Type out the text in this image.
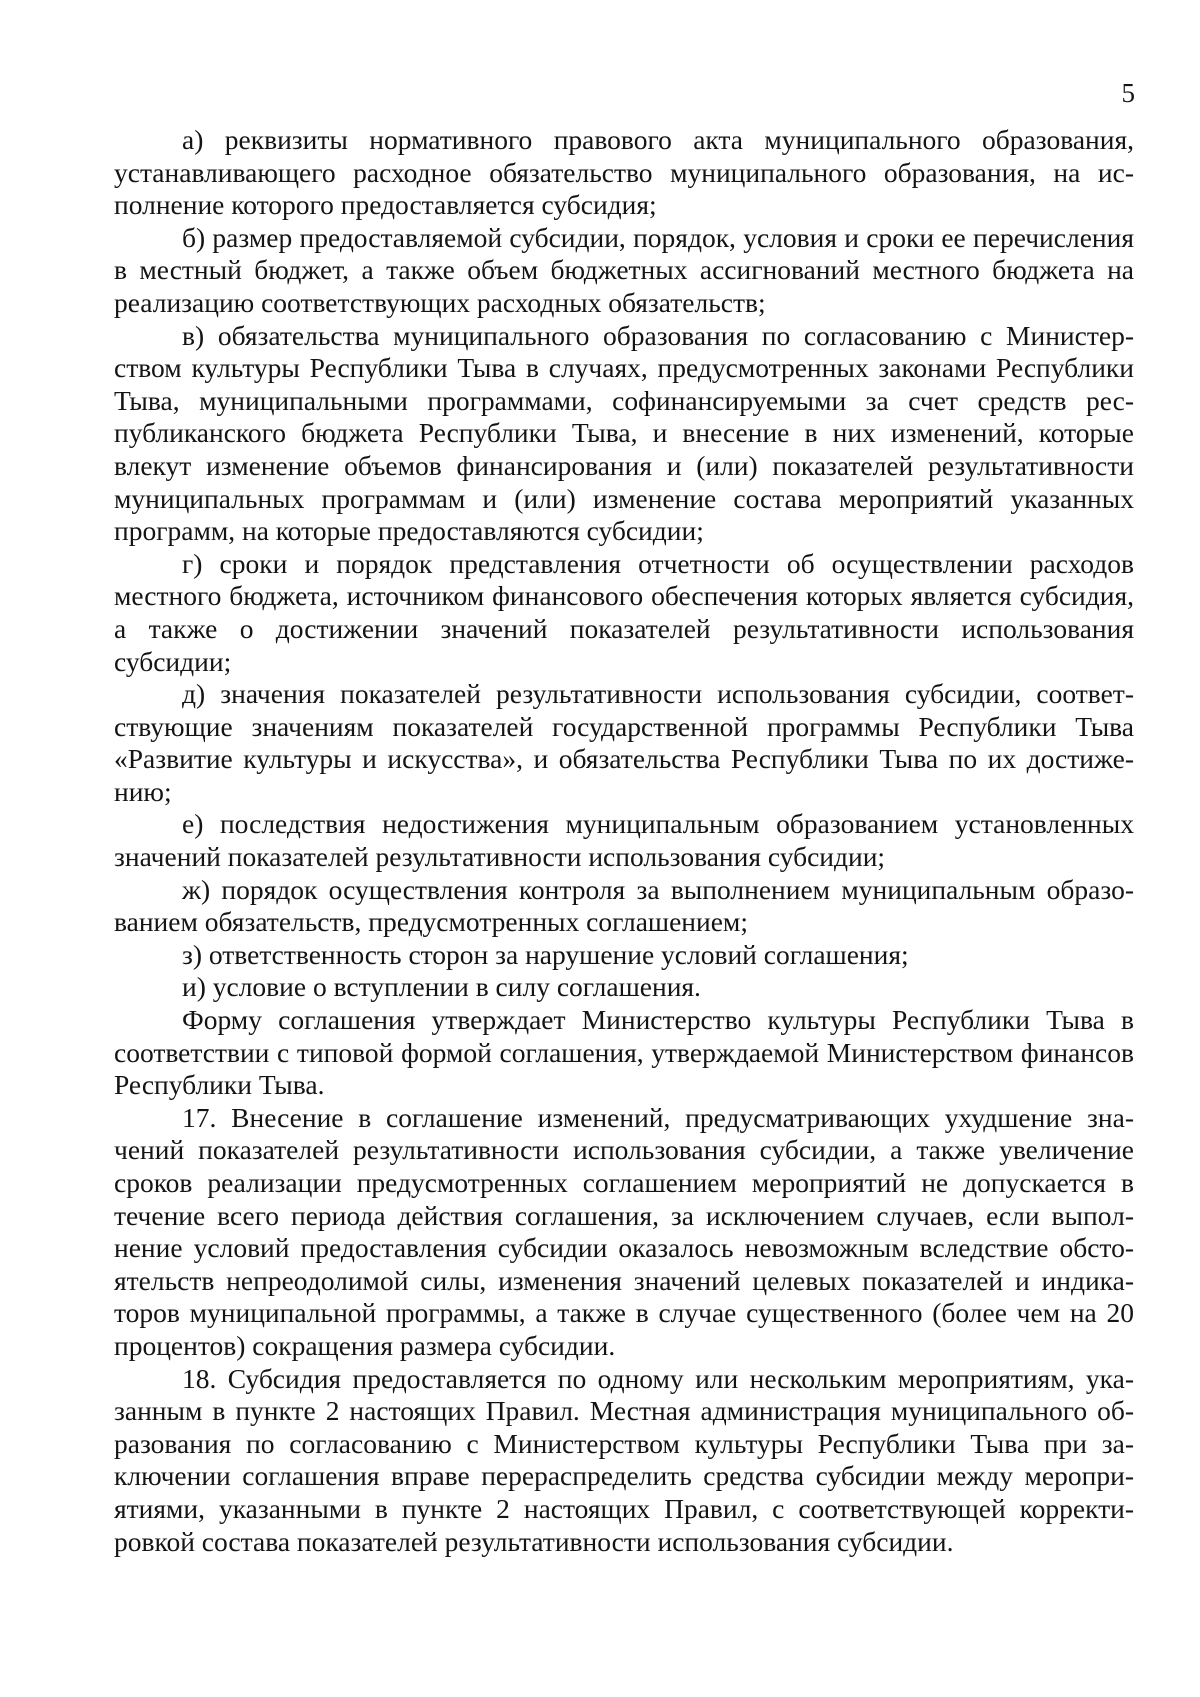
5

а) реквизиты нормативного правового акта муниципального образования, устанавливающего расходное обязательство муниципального образования, на исполнение которого предоставляется субсидия;

б) размер предоставляемой субсидии, порядок, условия и сроки ее перечисления в местный бюджет, а также объем бюджетных ассигнований местного бюджета на реализацию соответствующих расходных обязательств;

в) обязательства муниципального образования по согласованию с Министерством культуры Республики Тыва в случаях, предусмотренных законами Республики Тыва, муниципальными программами, софинансируемыми за счет средств республиканского бюджета Республики Тыва, и внесение в них изменений, которые влекут изменение объемов финансирования и (или) показателей результативности муниципальных программам и (или) изменение состава мероприятий указанных программ, на которые предоставляются субсидии;

г) сроки и порядок представления отчетности об осуществлении расходов местного бюджета, источником финансового обеспечения которых является субсидия, а также о достижении значений показателей результативности использования субсидии;

д) значения показателей результативности использования субсидии, соответствующие значениям показателей государственной программы Республики Тыва «Развитие культуры и искусства», и обязательства Республики Тыва по их достижению;

е) последствия недостижения муниципальным образованием установленных значений показателей результативности использования субсидии;

ж) порядок осуществления контроля за выполнением муниципальным образованием обязательств, предусмотренных соглашением;

з) ответственность сторон за нарушение условий соглашения;

и) условие о вступлении в силу соглашения.

Форму соглашения утверждает Министерство культуры Республики Тыва в соответствии с типовой формой соглашения, утверждаемой Министерством финансов Республики Тыва.

17. Внесение в соглашение изменений, предусматривающих ухудшение значений показателей результативности использования субсидии, а также увеличение сроков реализации предусмотренных соглашением мероприятий не допускается в течение всего периода действия соглашения, за исключением случаев, если выполнение условий предоставления субсидии оказалось невозможным вследствие обстоятельств непреодолимой силы, изменения значений целевых показателей и индикаторов муниципальной программы, а также в случае существенного (более чем на 20 процентов) сокращения размера субсидии.

18. Субсидия предоставляется по одному или нескольким мероприятиям, указанным в пункте 2 настоящих Правил. Местная администрация муниципального образования по согласованию с Министерством культуры Республики Тыва при заключении соглашения вправе перераспределить средства субсидии между мероприятиями, указанными в пункте 2 настоящих Правил, с соответствующей корректировкой состава показателей результативности использования субсидии.
